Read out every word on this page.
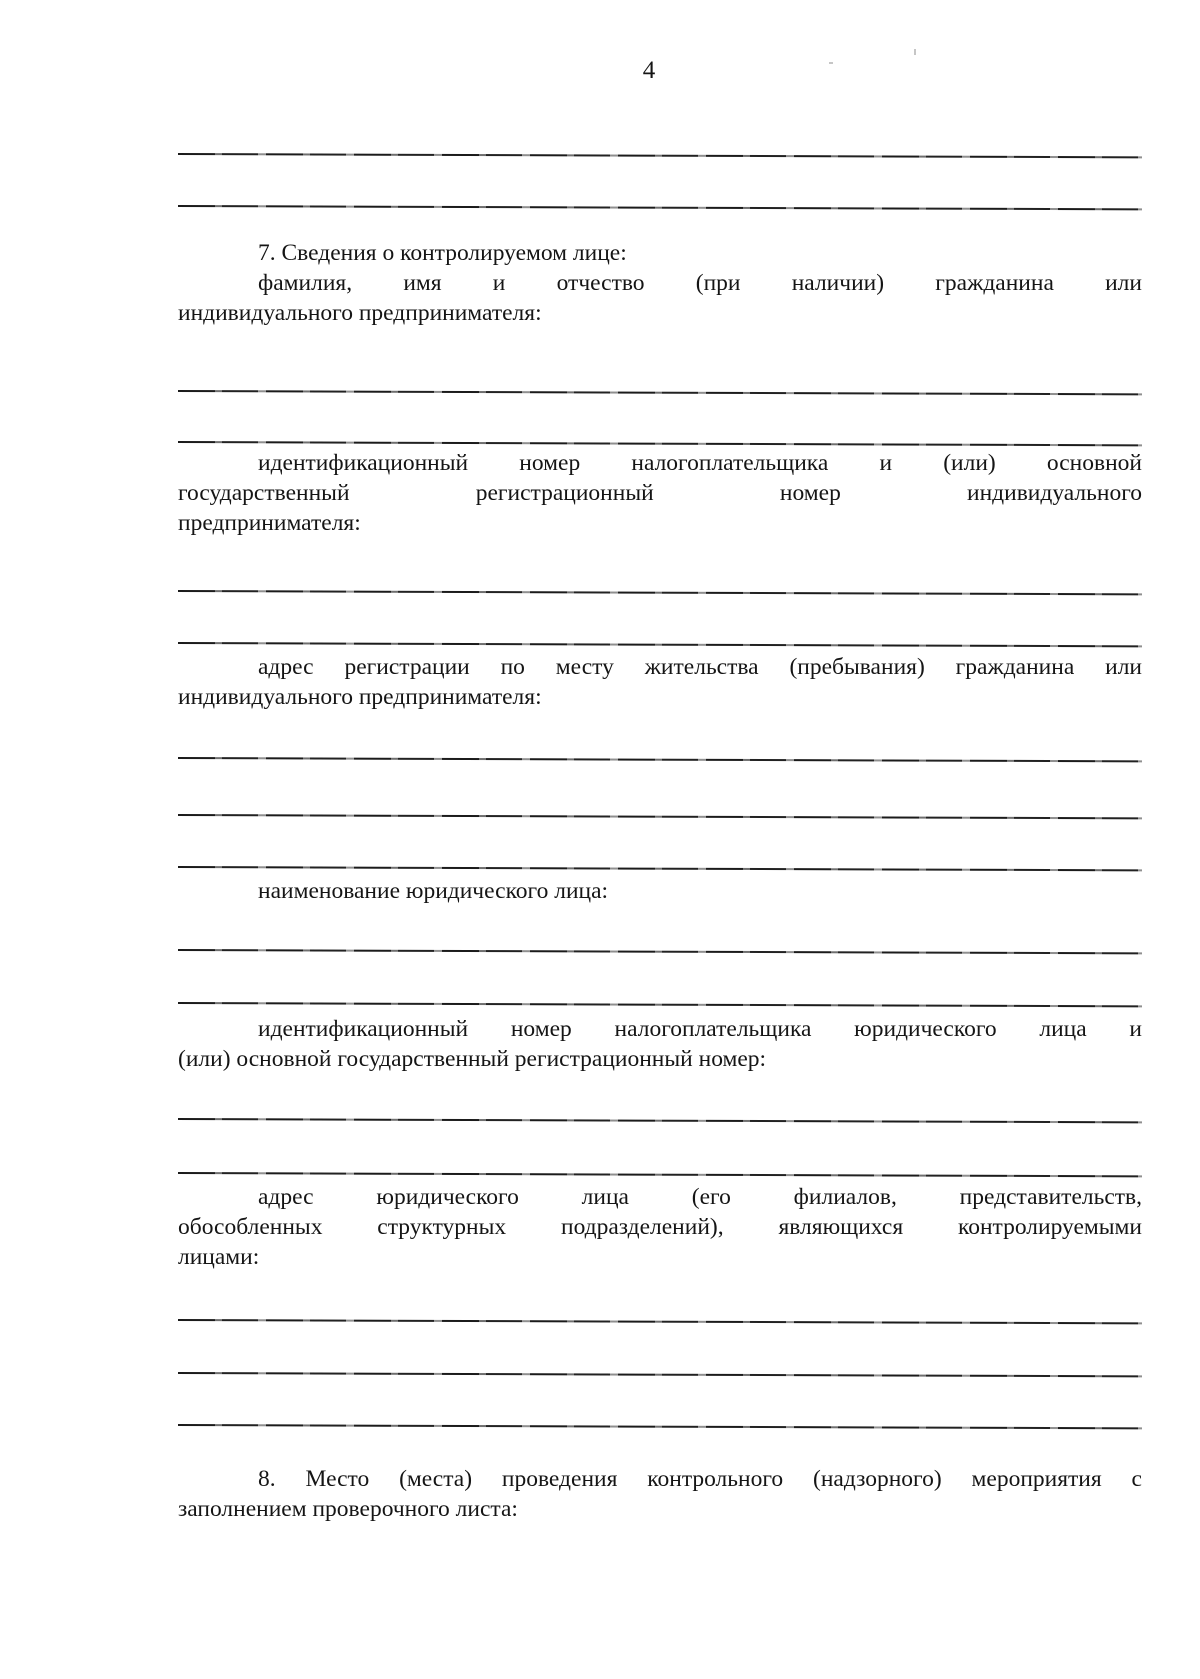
4
7. Сведения о контролируемом лице:
фамилия, имя и отчество (при наличии) гражданина или
индивидуального предпринимателя:
идентификационный номер налогоплательщика и (или) основной
государственный регистрационный номер индивидуального
предпринимателя:
адрес регистрации по месту жительства (пребывания) гражданина или
индивидуального предпринимателя:
наименование юридического лица:
идентификационный номер налогоплательщика юридического лица и
(или) основной государственный регистрационный номер:
адрес юридического лица (его филиалов, представительств,
обособленных структурных подразделений), являющихся контролируемыми
лицами:
8. Место (места) проведения контрольного (надзорного) мероприятия с
заполнением проверочного листа:
